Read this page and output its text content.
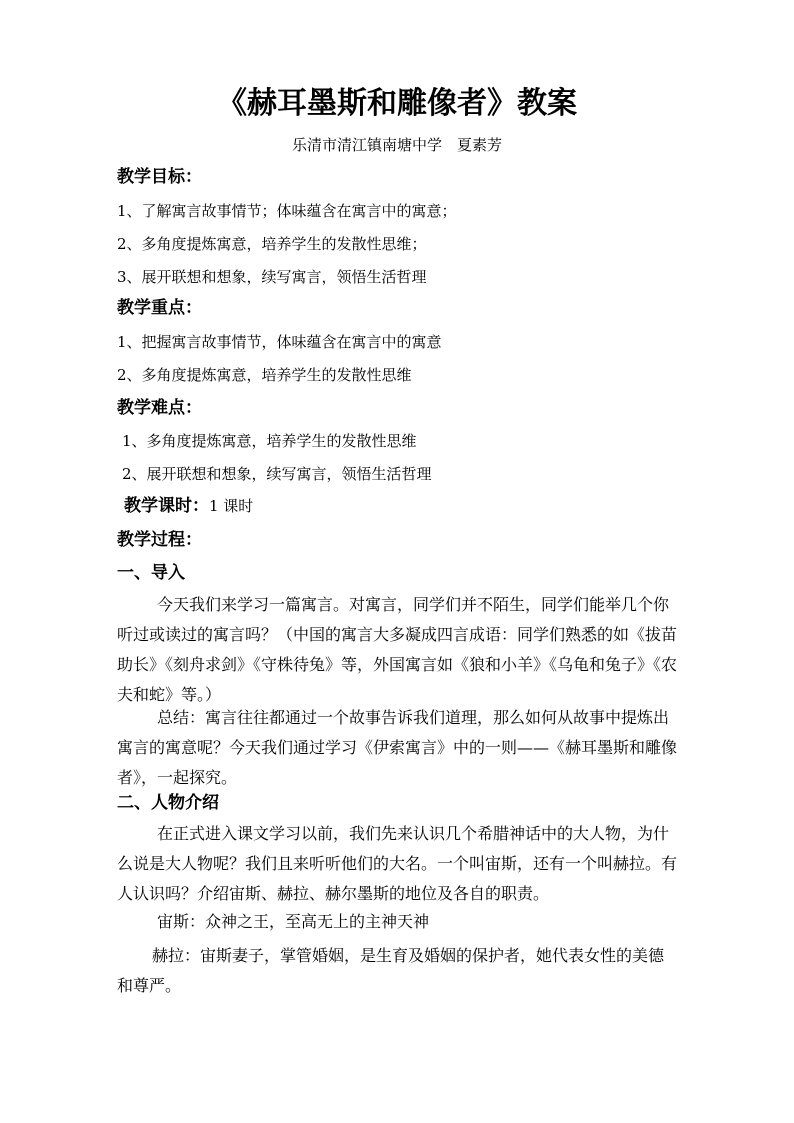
《赫耳墨斯和雕像者》教案
乐清市清江镇南塘中学　夏素芳
教学目标：
1、了解寓言故事情节；体味蕴含在寓言中的寓意；
2、多角度提炼寓意，培养学生的发散性思维；
3、展开联想和想象，续写寓言，领悟生活哲理
教学重点：
1、把握寓言故事情节，体味蕴含在寓言中的寓意
2、多角度提炼寓意，培养学生的发散性思维
教学难点：
1、多角度提炼寓意，培养学生的发散性思维
2、展开联想和想象，续写寓言，领悟生活哲理
教学课时：1 课时
教学过程：
一、导入
今天我们来学习一篇寓言。对寓言，同学们并不陌生，同学们能举几个你听过或读过的寓言吗？（中国的寓言大多凝成四言成语：同学们熟悉的如《拔苗助长》《刻舟求剑》《守株待兔》等，外国寓言如《狼和小羊》《乌龟和兔子》《农夫和蛇》等。）
总结：寓言往往都通过一个故事告诉我们道理，那么如何从故事中提炼出寓言的寓意呢？今天我们通过学习《伊索寓言》中的一则——《赫耳墨斯和雕像者》，一起探究。
二、人物介绍
在正式进入课文学习以前，我们先来认识几个希腊神话中的大人物，为什么说是大人物呢？我们且来听听他们的大名。一个叫宙斯，还有一个叫赫拉。有人认识吗？介绍宙斯、赫拉、赫尔墨斯的地位及各自的职责。
宙斯：众神之王，至高无上的主神天神
赫拉：宙斯妻子，掌管婚姻，是生育及婚姻的保护者，她代表女性的美德和尊严。
